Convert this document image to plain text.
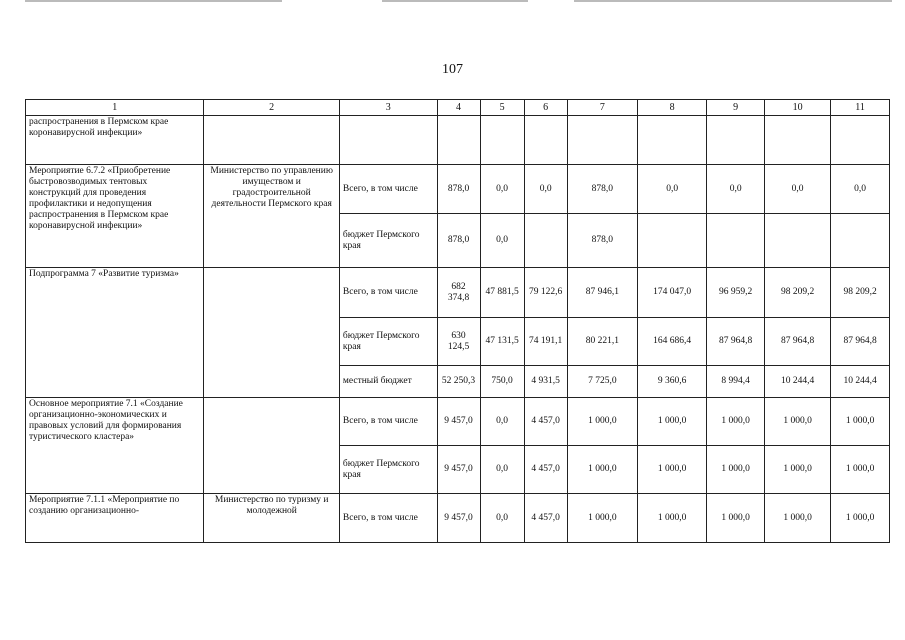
107
1	2	3	4	5	6	7	8	9	10	11
распространения в Пермском крае коронавирусной инфекции»										
Мероприятие 6.7.2 «Приобретение быстровозводимых тентовых конструкций для проведения профилактики и недопущения распространения в Пермском крае коронавирусной инфекции»	Министерство по управлению имуществом и градостроительной деятельности Пермского края	Всего, в том числе	878,0	0,0	0,0	878,0	0,0	0,0	0,0	0,0
		бюджет Пермского края	878,0	0,0		878,0				
Подпрограмма 7 «Развитие туризма»		Всего, в том числе	682 374,8	47 881,5	79 122,6	87 946,1	174 047,0	96 959,2	98 209,2	98 209,2
		бюджет Пермского края	630 124,5	47 131,5	74 191,1	80 221,1	164 686,4	87 964,8	87 964,8	87 964,8
		местный бюджет	52 250,3	750,0	4 931,5	7 725,0	9 360,6	8 994,4	10 244,4	10 244,4
Основное мероприятие 7.1 «Создание организационно-экономических и правовых условий для формирования туристического кластера»		Всего, в том числе	9 457,0	0,0	4 457,0	1 000,0	1 000,0	1 000,0	1 000,0	1 000,0
		бюджет Пермского края	9 457,0	0,0	4 457,0	1 000,0	1 000,0	1 000,0	1 000,0	1 000,0
Мероприятие 7.1.1 «Мероприятие по созданию организационно-	Министерство по туризму и молодежной	Всего, в том числе	9 457,0	0,0	4 457,0	1 000,0	1 000,0	1 000,0	1 000,0	1 000,0
